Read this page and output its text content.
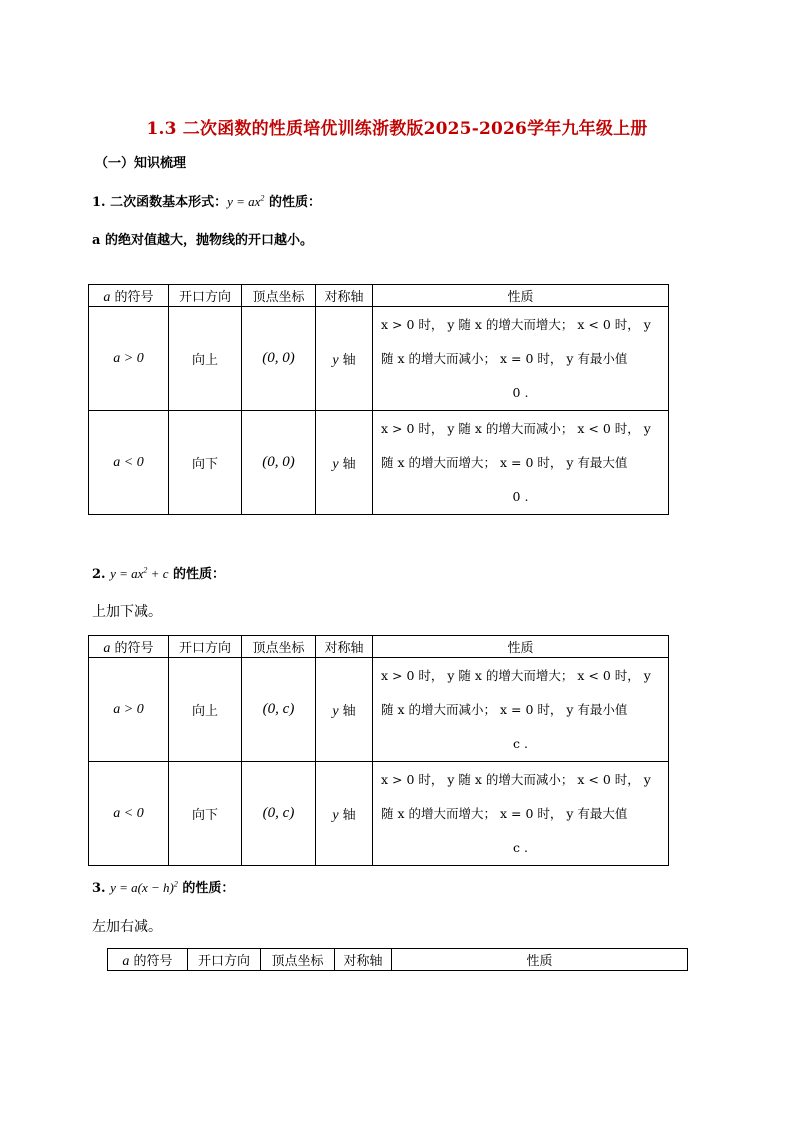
1.3 二次函数的性质培优训练浙教版2025-2026学年九年级上册
（一）知识梳理
1. 二次函数基本形式：$y = ax^2$ 的性质：
a 的绝对值越大，抛物线的开口越小。
a 的符号	开口方向	顶点坐标	对称轴	性质
a > 0	向上	(0, 0)	y 轴	x > 0 时， y 随 x 的增大而增大； x < 0 时， y
随 x 的增大而减小； x = 0 时， y 有最小值

0 .

a < 0	向下	(0, 0)	y 轴	x > 0 时， y 随 x 的增大而减小； x < 0 时， y
随 x 的增大而增大； x = 0 时， y 有最大值

0 .
2. $y = ax^2 + c$ 的性质：
上加下减。
a 的符号	开口方向	顶点坐标	对称轴	性质
a > 0	向上	(0, c)	y 轴	x > 0 时， y 随 x 的增大而增大； x < 0 时， y
随 x 的增大而减小； x = 0 时， y 有最小值

c .

a < 0	向下	(0, c)	y 轴	x > 0 时， y 随 x 的增大而减小； x < 0 时， y
随 x 的增大而增大； x = 0 时， y 有最大值

c .
3. $y = a(x - h)^2$ 的性质：
左加右减。
a 的符号	开口方向	顶点坐标	对称轴	性质
